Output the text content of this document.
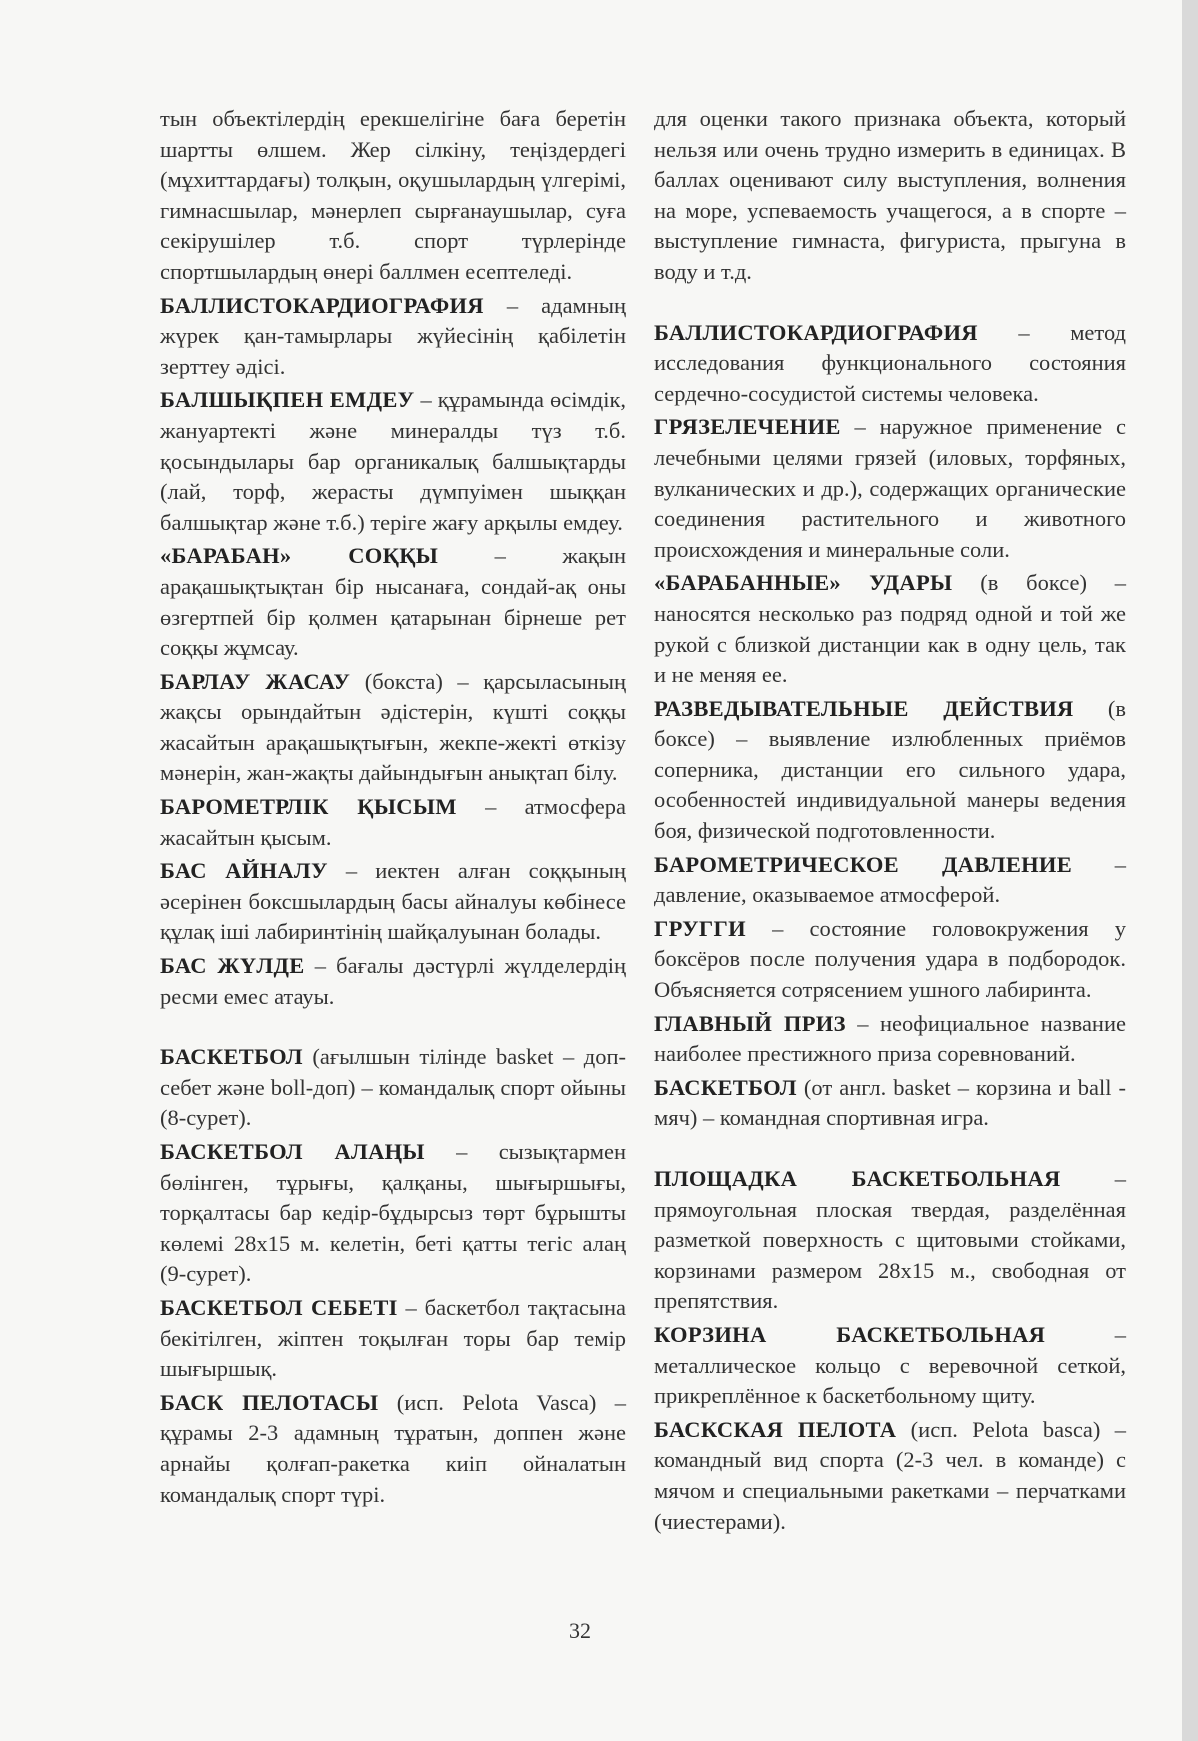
тын объектілердің ерекшелігіне баға беретін шартты өлшем. Жер сілкіну, теңіздердегі (мұхиттардағы) толқын, оқушылардың үлгерімі, гимнасшылар, мәнерлеп сырғанаушылар, суға секірушілер т.б. спорт түрлерінде спортшылардың өнері баллмен есептеледі.

БАЛЛИСТОКАРДИОГРАФИЯ – адамның жүрек қан-тамырлары жүйесінің қабілетін зерттеу әдісі.

БАЛШЫҚПЕН ЕМДЕУ – құрамында өсімдік, жануартекті және минералды түз т.б. қосындылары бар органикалық балшықтарды (лай, торф, жерасты дүмпуімен шыққан балшықтар және т.б.) теріге жағу арқылы емдеу.

«БАРАБАН» СОҚҚЫ – жақын арақашықтықтан бір нысанаға, сондай-ақ оны өзгертпей бір қолмен қатарынан бірнеше рет соққы жұмсау.

БАРЛАУ ЖАСАУ (бокста) – қарсыласының жақсы орындайтын әдістерін, күшті соққы жасайтын арақашықтығын, жекпе-жекті өткізу мәнерін, жан-жақты дайындығын анықтап білу.

БАРОМЕТРЛІК ҚЫСЫМ – атмосфера жасайтын қысым.

БАС АЙНАЛУ – иектен алған соққының әсерінен боксшылардың басы айналуы көбінесе құлақ іші лабиринтінің шайқалуынан болады.

БАС ЖҮЛДЕ – бағалы дәстүрлі жүлделердің ресми емес атауы.

БАСКЕТБОЛ (ағылшын тілінде basket – доп-себет және boll-доп) – командалық спорт ойыны (8-сурет).

БАСКЕТБОЛ АЛАҢЫ – сызықтармен бөлінген, тұрығы, қалқаны, шығыршығы, торқалтасы бар кедір-бұдырсыз төрт бұрышты көлемі 28х15 м. келетін, беті қатты тегіс алаң (9-сурет).

БАСКЕТБОЛ СЕБЕТІ – баскетбол тақтасына бекітілген, жіптен тоқылған торы бар темір шығыршық.

БАСК ПЕЛОТАСЫ (исп. Pelota Vasca) – құрамы 2-3 адамның тұратын, доппен және арнайы қолғап-ракетка киіп ойналатын командалық спорт түрі.

для оценки такого признака объекта, который нельзя или очень трудно измерить в единицах. В баллах оценивают силу выступления, волнения на море, успеваемость учащегося, а в спорте – выступление гимнаста, фигуриста, прыгуна в воду и т.д.

БАЛЛИСТОКАРДИОГРАФИЯ – метод исследования функционального состояния сердечно-сосудистой системы человека.

ГРЯЗЕЛЕЧЕНИЕ – наружное применение с лечебными целями грязей (иловых, торфяных, вулканических и др.), содержащих органические соединения растительного и животного происхождения и минеральные соли.

«БАРАБАННЫЕ» УДАРЫ (в боксе) – наносятся несколько раз подряд одной и той же рукой с близкой дистанции как в одну цель, так и не меняя ее.

РАЗВЕДЫВАТЕЛЬНЫЕ ДЕЙСТВИЯ (в боксе) – выявление излюбленных приёмов соперника, дистанции его сильного удара, особенностей индивидуальной манеры ведения боя, физической подготовленности.

БАРОМЕТРИЧЕСКОЕ ДАВЛЕНИЕ – давление, оказываемое атмосферой.

ГРУГГИ – состояние головокружения у боксёров после получения удара в подбородок. Объясняется сотрясением ушного лабиринта.

ГЛАВНЫЙ ПРИЗ – неофициальное название наиболее престижного приза соревнований.

БАСКЕТБОЛ (от англ. basket – корзина и ball - мяч) – командная спортивная игра.

ПЛОЩАДКА БАСКЕТБОЛЬНАЯ – прямоугольная плоская твердая, разделённая разметкой поверхность с щитовыми стойками, корзинами размером 28х15 м., свободная от препятствия.

КОРЗИНА БАСКЕТБОЛЬНАЯ – металлическое кольцо с веревочной сеткой, прикреплённое к баскетбольному щиту.

БАСКСКАЯ ПЕЛОТА (исп. Pelota basca) – командный вид спорта (2-3 чел. в команде) с мячом и специальными ракетками – перчатками (чиестерами).

32
